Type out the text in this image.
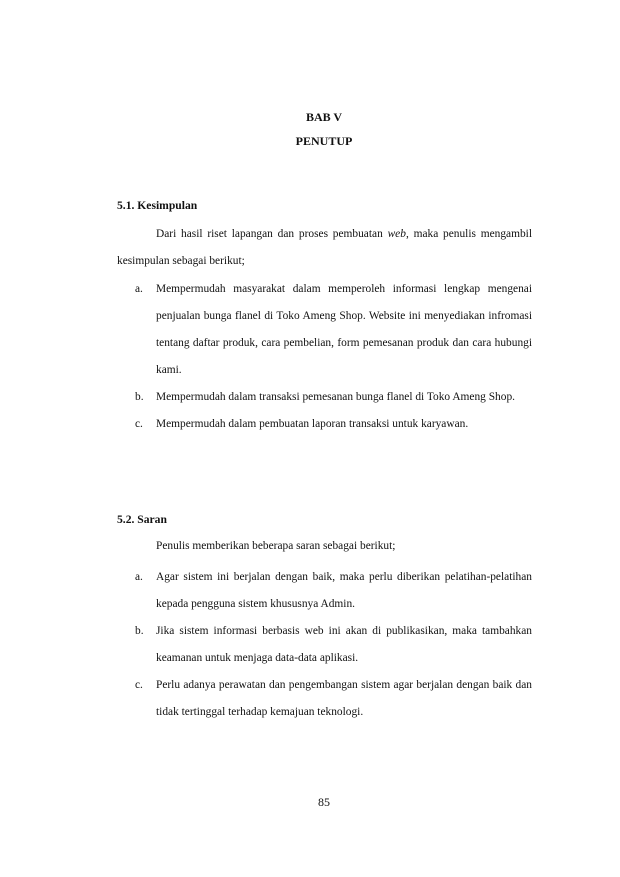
BAB V
PENUTUP
5.1. Kesimpulan
Dari hasil riset lapangan dan proses pembuatan web, maka penulis mengambil kesimpulan sebagai berikut;
a. Mempermudah masyarakat dalam memperoleh informasi lengkap mengenai penjualan bunga flanel di Toko Ameng Shop. Website ini menyediakan infromasi tentang daftar produk, cara pembelian, form pemesanan produk dan cara hubungi kami.
b. Mempermudah dalam transaksi pemesanan bunga flanel di Toko Ameng Shop.
c. Mempermudah dalam pembuatan laporan transaksi untuk karyawan.
5.2. Saran
Penulis memberikan beberapa saran sebagai berikut;
a. Agar sistem ini berjalan dengan baik, maka perlu diberikan pelatihan-pelatihan kepada pengguna sistem khususnya Admin.
b. Jika sistem informasi berbasis web ini akan di publikasikan, maka tambahkan keamanan untuk menjaga data-data aplikasi.
c. Perlu adanya perawatan dan pengembangan sistem agar berjalan dengan baik dan tidak tertinggal terhadap kemajuan teknologi.
85
